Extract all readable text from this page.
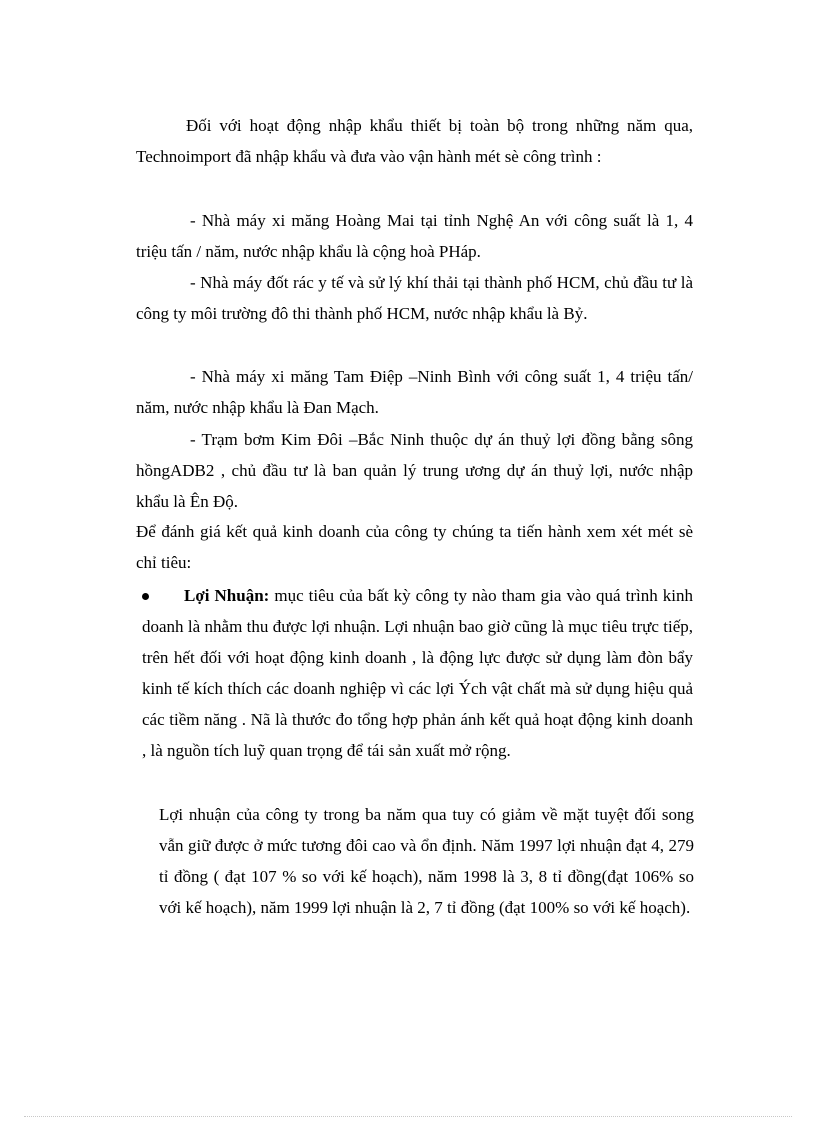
Đối với hoạt động nhập khẩu thiết bị toàn bộ trong những năm qua, Technoimport đã nhập khẩu và đưa vào vận hành mét sè công trình :

- Nhà máy xi măng Hoàng Mai tại tỉnh Nghệ An với công suất là 1, 4 triệu tấn / năm, nước nhập khẩu là cộng hoà PHáp.

- Nhà máy đốt rác y tế và sử lý khí thải tại thành phố HCM, chủ đầu tư là công ty môi trường đô thi thành phố HCM, nước nhập khẩu là Bỷ.

- Nhà máy xi măng Tam Điệp –Ninh Bình với công suất 1, 4 triệu tấn/ năm, nước nhập khẩu là Đan Mạch.

- Trạm bơm Kim Đôi –Bắc Ninh thuộc dự án thuỷ lợi đồng bằng sông hồngADB2 , chủ đầu tư là ban quản lý trung ương dự án thuỷ lợi, nước nhập khẩu là Ên Độ.

Để đánh giá kết quả kinh doanh của công ty chúng ta tiến hành xem xét mét sè chỉ tiêu:

Lợi Nhuận: mục tiêu của bất kỳ công ty nào tham gia vào quá trình kinh doanh là nhằm thu được lợi nhuận. Lợi nhuận bao giờ cũng là mục tiêu trực tiếp, trên hết đối với hoạt động kinh doanh , là động lực được sử dụng làm đòn bẩy kinh tế kích thích các doanh nghiệp vì các lợi Ých vật chất mà sử dụng hiệu quả các tiềm năng . Nã là thước đo tổng hợp phản ánh kết quả hoạt động kinh doanh , là nguồn tích luỹ quan trọng để tái sản xuất mở rộng.

Lợi nhuận của công ty trong ba năm qua tuy có giảm về mặt tuyệt đối song vẫn giữ được ở mức tương đôi cao và ổn định. Năm 1997 lợi nhuận đạt 4, 279 tỉ đồng ( đạt 107 % so với kế hoạch), năm 1998 là 3, 8 tỉ đồng(đạt 106% so với kế hoạch), năm 1999 lợi nhuận là 2, 7 tỉ đồng (đạt 100% so với kế hoạch).
